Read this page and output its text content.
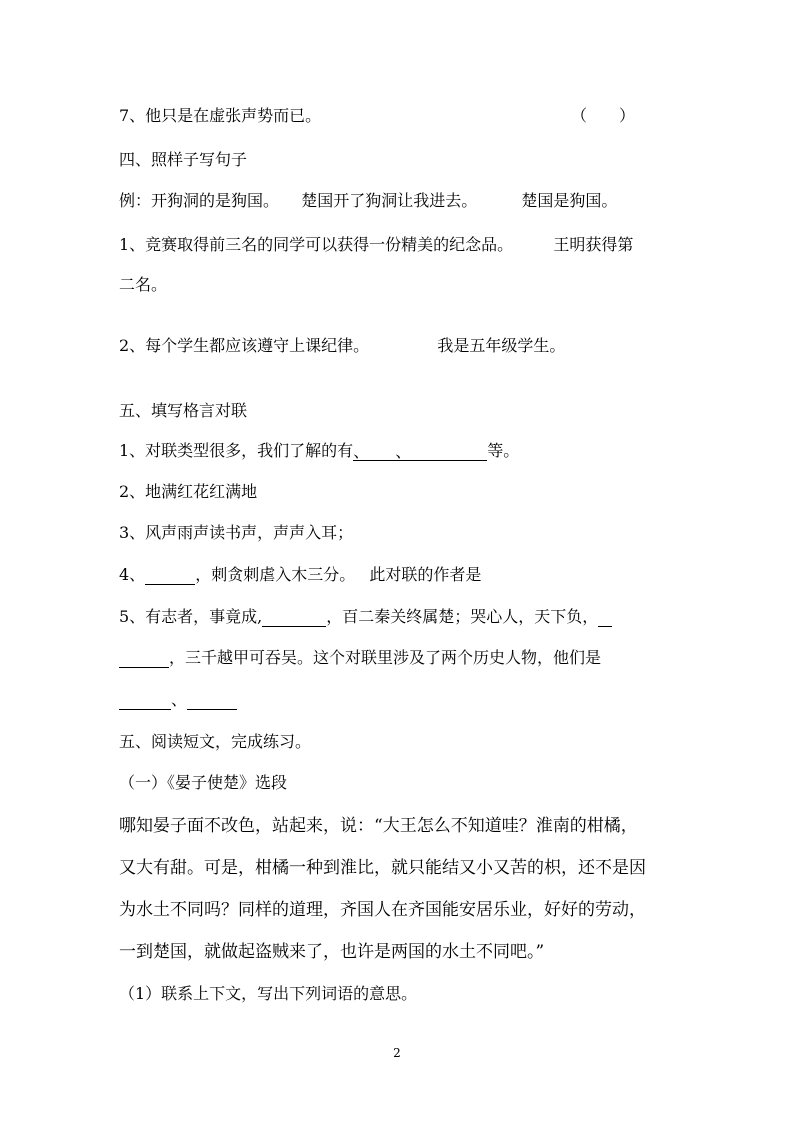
7、他只是在虚张声势而已。	（　　）
四、照样子写句子
例：开狗洞的是狗国。 楚国开了狗洞让我进去。	楚国是狗国。
1、竞赛取得前三名的同学可以获得一份精美的纪念品。	王明获得第
二名。
2、每个学生都应该遵守上课纪律。	我是五年级学生。
五、填写格言对联
1、对联类型很多，我们了解的有、 、	等。
2、地满红花红满地
3、风声雨声读书声，声声入耳；
4、	，刺贪刺虐入木三分。 此对联的作者是
5、有志者，事竟成,	，百二秦关终属楚；哭心人，天下负，
，三千越甲可吞吴。这个对联里涉及了两个历史人物，他们是
、
五、阅读短文，完成练习。
（一）《晏子使楚》选段
哪知晏子面不改色，站起来，说：“大王怎么不知道哇？淮南的柑橘，
又大有甜。可是，柑橘一种到淮比，就只能结又小又苦的枳，还不是因
为水土不同吗？同样的道理，齐国人在齐国能安居乐业，好好的劳动，
一到楚国，就做起盗贼来了，也许是两国的水土不同吧。”
（1）联系上下文，写出下列词语的意思。
2
